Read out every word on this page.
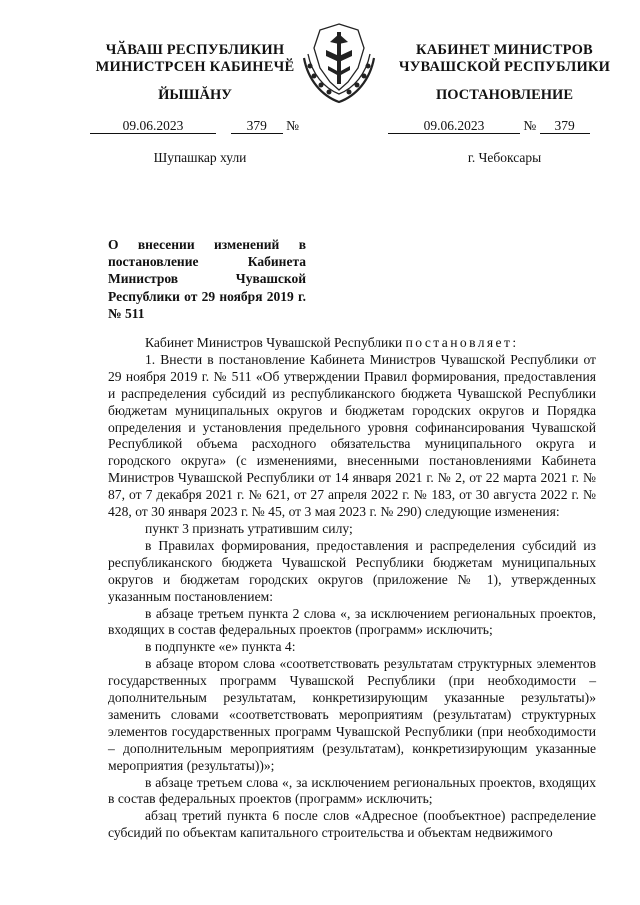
ЧӐВАШ РЕСПУБЛИКИН
МИНИСТРСЕН КАБИНЕЧӖ
ЙЫШĂНУ
КАБИНЕТ МИНИСТРОВ
ЧУВАШСКОЙ РЕСПУБЛИКИ
ПОСТАНОВЛЕНИЕ
09.06.2023	379 №	09.06.2023	№ 379
Шупашкар хули	г. Чебоксары
О внесении изменений в постановление Кабинета Министров Чувашской Республики от 29 ноября 2019 г. № 511

Кабинет Министров Чувашской Республики постановляет:

1. Внести в постановление Кабинета Министров Чувашской Республики от 29 ноября 2019 г. № 511 «Об утверждении Правил формирования, предоставления и распределения субсидий из республиканского бюджета Чувашской Республики бюджетам муниципальных округов и бюджетам городских округов и Порядка определения и установления предельного уровня софинансирования Чувашской Республикой объема расходного обязательства муниципального округа и городского округа» (с изменениями, внесенными постановлениями Кабинета Министров Чувашской Республики от 14 января 2021 г. № 2, от 22 марта 2021 г. № 87, от 7 декабря 2021 г. № 621, от 27 апреля 2022 г. № 183, от 30 августа 2022 г. № 428, от 30 января 2023 г. № 45, от 3 мая 2023 г. № 290) следующие изменения:

пункт 3 признать утратившим силу;

в Правилах формирования, предоставления и распределения субсидий из республиканского бюджета Чувашской Республики бюджетам муниципальных округов и бюджетам городских округов (приложение № 1), утвержденных указанным постановлением:

в абзаце третьем пункта 2 слова «, за исключением региональных проектов, входящих в состав федеральных проектов (программ» исключить;

в подпункте «е» пункта 4:

в абзаце втором слова «соответствовать результатам структурных элементов государственных программ Чувашской Республики (при необходимости – дополнительным результатам, конкретизирующим указанные результаты)» заменить словами «соответствовать мероприятиям (результатам) структурных элементов государственных программ Чувашской Республики (при необходимости – дополнительным мероприятиям (результатам), конкретизирующим указанные мероприятия (результаты))»;

в абзаце третьем слова «, за исключением региональных проектов, входящих в состав федеральных проектов (программ» исключить;

абзац третий пункта 6 после слов «Адресное (пообъектное) распределение субсидий по объектам капитального строительства и объектам недвижимого
